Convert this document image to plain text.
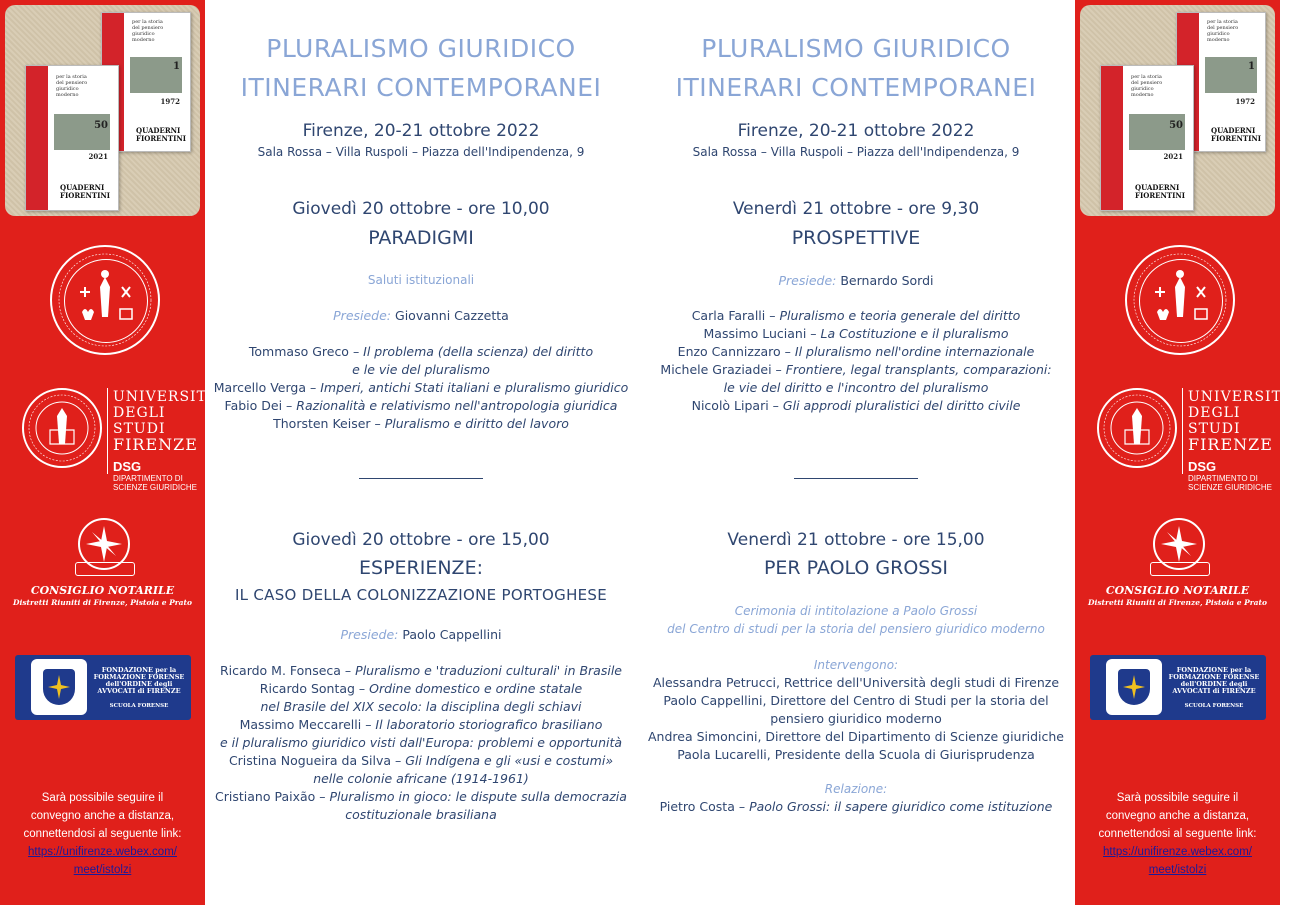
per la storia
del pensiero
giuridico
moderno
1
1972
QUADERNI
FIORENTINI
per la storia
del pensiero
giuridico
moderno
50
2021
QUADERNI
FIORENTINI
UNIVERSITÀ
DEGLI STUDI
FIRENZE
DSG
DIPARTIMENTO DI
SCIENZE GIURIDICHE
CONSIGLIO NOTARILE
Distretti Riuniti di Firenze, Pistoia e Prato
FONDAZIONE per la
FORMAZIONE FORENSE
dell'ORDINE degli
AVVOCATI di FIRENZE
SCUOLA FORENSE
Sarà possibile seguire il
convegno anche a distanza,
connettendosi al seguente link:
https://unifirenze.webex.com/
meet/istolzi
per la storia
del pensiero
giuridico
moderno
1
1972
QUADERNI
FIORENTINI
per la storia
del pensiero
giuridico
moderno
50
2021
QUADERNI
FIORENTINI
UNIVERSITÀ
DEGLI STUDI
FIRENZE
DSG
DIPARTIMENTO DI
SCIENZE GIURIDICHE
CONSIGLIO NOTARILE
Distretti Riuniti di Firenze, Pistoia e Prato
FONDAZIONE per la
FORMAZIONE FORENSE
dell'ORDINE degli
AVVOCATI di FIRENZE
SCUOLA FORENSE
Sarà possibile seguire il
convegno anche a distanza,
connettendosi al seguente link:
https://unifirenze.webex.com/
meet/istolzi
PLURALISMO GIURIDICO
ITINERARI CONTEMPORANEI
Firenze, 20-21 ottobre 2022
Sala Rossa – Villa Ruspoli – Piazza dell'Indipendenza, 9
Giovedì 20 ottobre - ore 10,00
PARADIGMI
Saluti istituzionali
Presiede: Giovanni Cazzetta
Tommaso Greco – Il problema (della scienza) del diritto
e le vie del pluralismo
Marcello Verga – Imperi, antichi Stati italiani e pluralismo giuridico
Fabio Dei – Razionalità e relativismo nell'antropologia giuridica
Thorsten Keiser – Pluralismo e diritto del lavoro
Giovedì 20 ottobre - ore 15,00
ESPERIENZE:
IL CASO DELLA COLONIZZAZIONE PORTOGHESE
Presiede: Paolo Cappellini
Ricardo M. Fonseca – Pluralismo e 'traduzioni culturali' in Brasile
Ricardo Sontag – Ordine domestico e ordine statale
nel Brasile del XIX secolo: la disciplina degli schiavi
Massimo Meccarelli – Il laboratorio storiografico brasiliano
e il pluralismo giuridico visti dall'Europa: problemi e opportunità
Cristina Nogueira da Silva – Gli Indígena e gli «usi e costumi»
nelle colonie africane (1914-1961)
Cristiano Paixão – Pluralismo in gioco: le dispute sulla democrazia
costituzionale brasiliana
PLURALISMO GIURIDICO
ITINERARI CONTEMPORANEI
Firenze, 20-21 ottobre 2022
Sala Rossa – Villa Ruspoli – Piazza dell'Indipendenza, 9
Venerdì 21 ottobre - ore 9,30
PROSPETTIVE
Presiede: Bernardo Sordi
Carla Faralli – Pluralismo e teoria generale del diritto
Massimo Luciani – La Costituzione e il pluralismo
Enzo Cannizzaro – Il pluralismo nell'ordine internazionale
Michele Graziadei – Frontiere, legal transplants, comparazioni:
le vie del diritto e l'incontro del pluralismo
Nicolò Lipari – Gli approdi pluralistici del diritto civile
Venerdì 21 ottobre - ore 15,00
PER PAOLO GROSSI
Cerimonia di intitolazione a Paolo Grossi
del Centro di studi per la storia del pensiero giuridico moderno
Intervengono:
Alessandra Petrucci, Rettrice dell'Università degli studi di Firenze
Paolo Cappellini, Direttore del Centro di Studi per la storia del
pensiero giuridico moderno
Andrea Simoncini, Direttore del Dipartimento di Scienze giuridiche
Paola Lucarelli, Presidente della Scuola di Giurisprudenza
Relazione:
Pietro Costa – Paolo Grossi: il sapere giuridico come istituzione
